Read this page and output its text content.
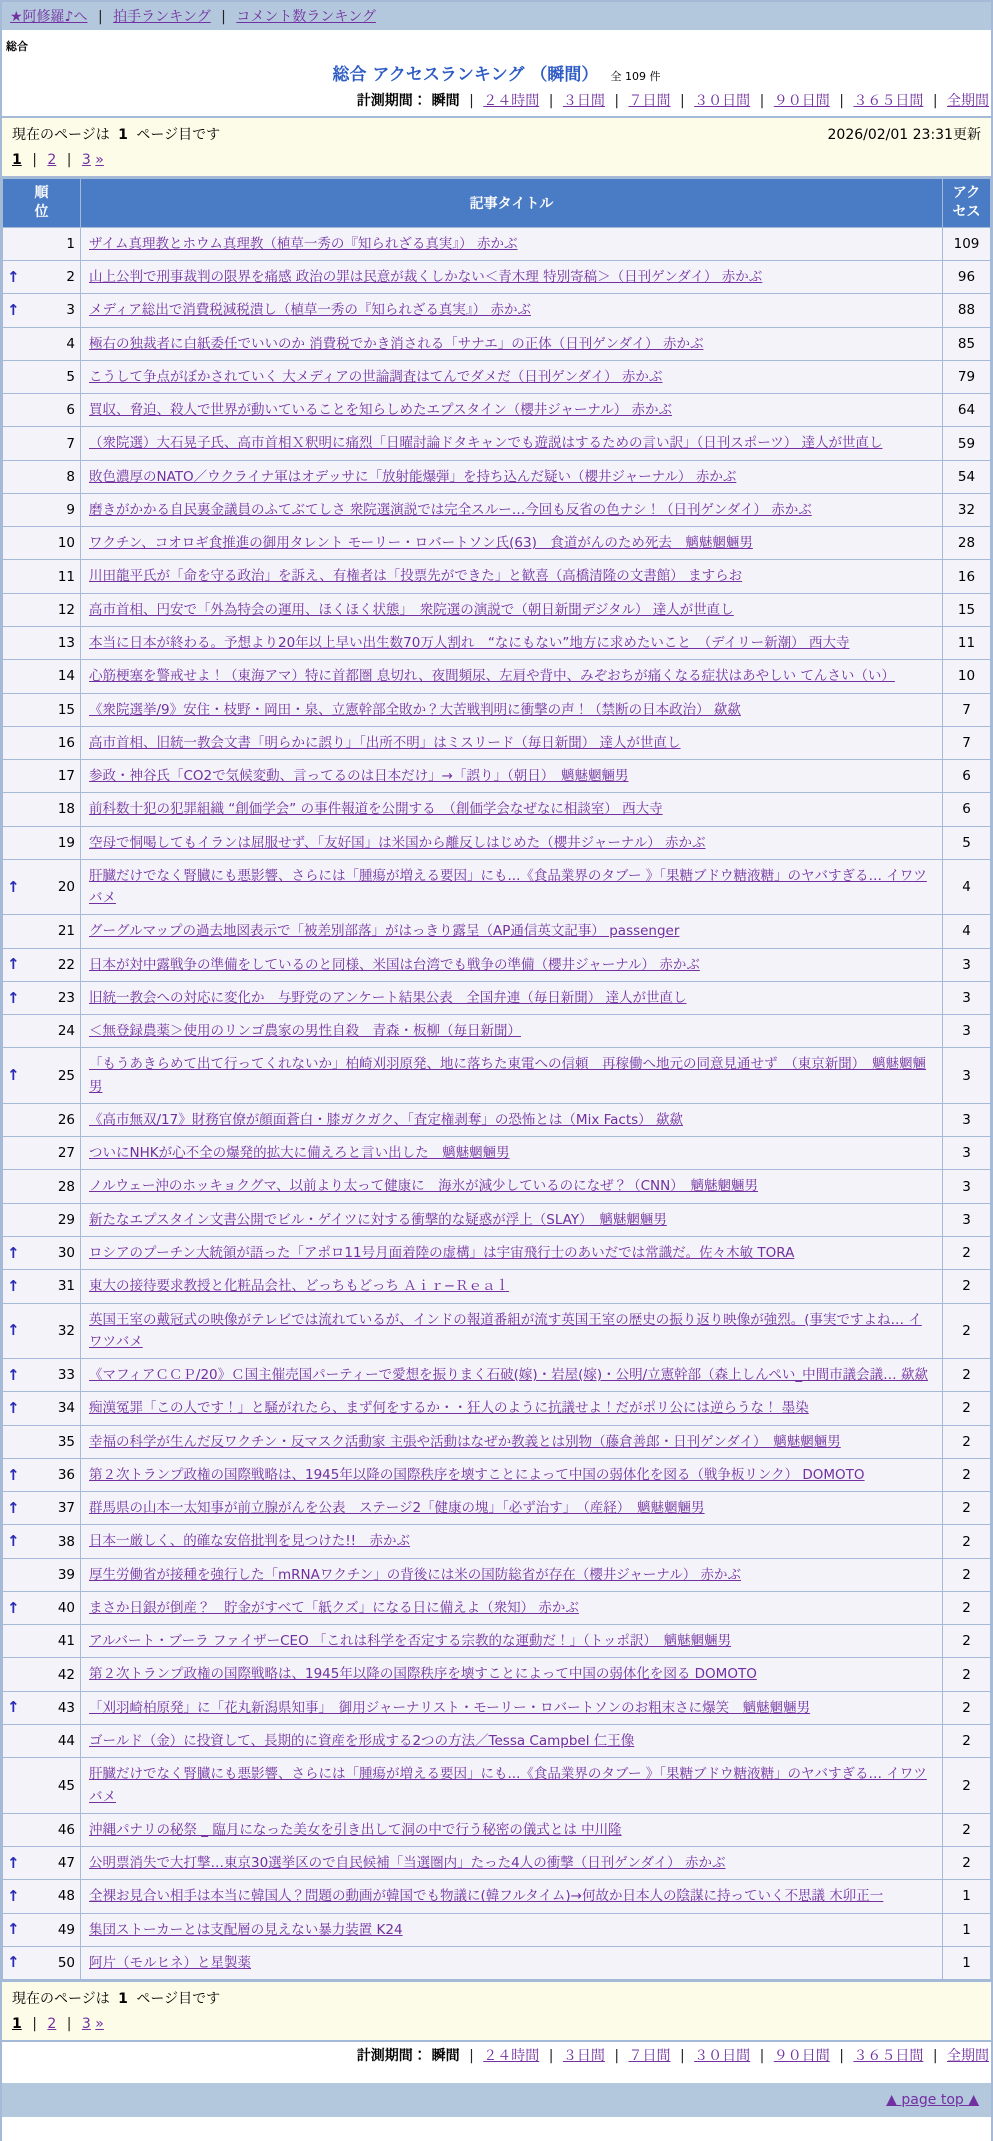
★阿修羅♪へ | 拍手ランキング | コメント数ランキング
総合
総合 アクセスランキング （瞬間） 全 109 件
計測期間： 瞬間 | ２４時間 | ３日間 | ７日間 | ３０日間 | ９０日間 | ３６５日間 | 全期間
現在のページは 1 ページ目です	2026/02/01 23:31更新
1 | 2 | 3 »
順位	記事タイトル	アクセス

1	ザイム真理教とホウム真理教（植草一秀の『知られざる真実』） 赤かぶ	109

↑ 2	山上公判で刑事裁判の限界を痛感 政治の罪は民意が裁くしかない＜青木理 特別寄稿＞（日刊ゲンダイ） 赤かぶ	96

↑ 3	メディア総出で消費税減税潰し（植草一秀の『知られざる真実』） 赤かぶ	88

4	極右の独裁者に白紙委任でいいのか 消費税でかき消される「サナエ」の正体（日刊ゲンダイ） 赤かぶ	85

5	こうして争点がぼかされていく 大メディアの世論調査はてんでダメだ（日刊ゲンダイ） 赤かぶ	79

6	買収、脅迫、殺人で世界が動いていることを知らしめたエプスタイン（櫻井ジャーナル） 赤かぶ	64

7	（衆院選）大石晃子氏、高市首相Ｘ釈明に痛烈「日曜討論ドタキャンでも遊説はするための言い訳」（日刊スポーツ） 達人が世直し	59

8	敗色濃厚のNATO／ウクライナ軍はオデッサに「放射能爆弾」を持ち込んだ疑い（櫻井ジャーナル） 赤かぶ	54

9	磨きがかかる自民裏金議員のふてぶてしさ 衆院選演説では完全スルー…今回も反省の色ナシ！（日刊ゲンダイ） 赤かぶ	32

10	ワクチン、コオロギ食推進の御用タレント モーリー・ロバートソン氏(63)　食道がんのため死去　魑魅魍魎男	28

11	川田龍平氏が「命を守る政治」を訴え、有権者は「投票先ができた」と歓喜（高橋清隆の文書館） ますらお	16

12	高市首相、円安で「外為特会の運用、ほくほく状態」　衆院選の演説で（朝日新聞デジタル） 達人が世直し	15

13	本当に日本が終わる。予想より20年以上早い出生数70万人割れ　“なにもない”地方に求めたいこと　（デイリー新潮） 西大寺	11

14	心筋梗塞を警戒せよ！（東海アマ）特に首都圏 息切れ、夜間頻尿、左肩や背中、みぞおちが痛くなる症状はあやしい てんさい（い）	10

15	《衆院選挙/9》安住・枝野・岡田・泉、立憲幹部全敗か？大苦戦判明に衝撃の声！（禁断の日本政治） 歘歘	7

16	高市首相、旧統一教会文書「明らかに誤り」「出所不明」はミスリード（毎日新聞） 達人が世直し	7

17	参政・神谷氏「CO2で気候変動、言ってるのは日本だけ」→「誤り」（朝日）　魑魅魍魎男	6

18	前科数十犯の犯罪組織 “創価学会” の事件報道を公開する　（創価学会なぜなに相談室） 西大寺	6

19	空母で恫喝してもイランは屈服せず、「友好国」は米国から離反しはじめた（櫻井ジャーナル） 赤かぶ	5

↑ 20	肝臓だけでなく腎臓にも悪影響、さらには「腫瘍が増える要因」にも...《食品業界のタブー 》「果糖ブドウ糖液糖」のヤバすぎる… イワツバメ	4

21	グーグルマップの過去地図表示で「被差別部落」がはっきり露呈（AP通信英文記事） passenger	4

↑ 22	日本が対中露戦争の準備をしているのと同様、米国は台湾でも戦争の準備（櫻井ジャーナル） 赤かぶ	3

↑ 23	旧統一教会への対応に変化か　与野党のアンケート結果公表　全国弁連（毎日新聞） 達人が世直し	3

24	＜無登録農薬＞使用のリンゴ農家の男性自殺　青森・板柳（毎日新聞）	3

↑ 25	「もうあきらめて出て行ってくれないか」柏崎刈羽原発、地に落ちた東電への信頼　再稼働へ地元の同意見通せず　（東京新聞）　魑魅魍魎男	3

26	《高市無双/17》財務官僚が顔面蒼白・膝ガクガク、「査定権剥奪」の恐怖とは（Mix Facts） 歘歘	3

27	ついにNHKが心不全の爆発的拡大に備えろと言い出した　魑魅魍魎男	3

28	ノルウェー沖のホッキョクグマ、以前より太って健康に　海氷が減少しているのになぜ？（CNN）　魑魅魍魎男	3

29	新たなエプスタイン文書公開でビル・ゲイツに対する衝撃的な疑惑が浮上（SLAY）　魑魅魍魎男	3

↑ 30	ロシアのプーチン大統領が語った「アポロ11号月面着陸の虚構」は宇宙飛行士のあいだでは常識だ。佐々木敏 TORA	2

↑ 31	東大の接待要求教授と化粧品会社、どっちもどっち Ａｉｒ−Ｒｅａｌ	2

↑ 32	英国王室の戴冠式の映像がテレビでは流れているが、インドの報道番組が流す英国王室の歴史の振り返り映像が強烈。(事実ですよね… イワツバメ	2

↑ 33	《マフィアＣＣＰ/20》Ｃ国主催売国パーティーで愛想を振りまく石破(嫁)・岩屋(嫁)・公明/立憲幹部（森上しんぺい_中間市議会議… 歘歘	2

↑ 34	痴漢冤罪「この人です！」と騒がれたら、まず何をするか・・狂人のように抗議せよ！だがポリ公には逆らうな！ 墨染	2

35	幸福の科学が生んだ反ワクチン・反マスク活動家 主張や活動はなぜか教義とは別物（藤倉善郎・日刊ゲンダイ）　魑魅魍魎男	2

↑ 36	第２次トランプ政権の国際戦略は、1945年以降の国際秩序を壊すことによって中国の弱体化を図る（戦争板リンク） DOMOTO	2

↑ 37	群馬県の山本一太知事が前立腺がんを公表　ステージ2「健康の塊」「必ず治す」　（産経）　魑魅魍魎男	2

↑ 38	日本一厳しく、的確な安倍批判を見つけた!!　赤かぶ	2

39	厚生労働省が接種を強行した「mRNAワクチン」の背後には米の国防総省が存在（櫻井ジャーナル） 赤かぶ	2

↑ 40	まさか日銀が倒産？　貯金がすべて「紙クズ」になる日に備えよ（衆知） 赤かぶ	2

41	アルバート・ブーラ ファイザーCEO 「これは科学を否定する宗教的な運動だ！」（トッポ訳）　魑魅魍魎男	2

42	第２次トランプ政権の国際戦略は、1945年以降の国際秩序を壊すことによって中国の弱体化を図る DOMOTO	2

↑ 43	「刈羽崎柏原発」に「花丸新潟県知事」　御用ジャーナリスト・モーリー・ロバートソンのお粗末さに爆笑　魑魅魍魎男	2

44	ゴールド（金）に投資して、長期的に資産を形成する2つの方法／Tessa Campbel 仁王像	2

45	肝臓だけでなく腎臓にも悪影響、さらには「腫瘍が増える要因」にも...《食品業界のタブー 》「果糖ブドウ糖液糖」のヤバすぎる… イワツバメ	2

46	沖縄パナリの秘祭 _ 臨月になった美女を引き出して洞の中で行う秘密の儀式とは 中川隆	2

↑ 47	公明票消失で大打撃…東京30選挙区ので自民候補「当選圏内」たった4人の衝撃（日刊ゲンダイ） 赤かぶ	2

↑ 48	全裸お見合い相手は本当に韓国人？問題の動画が韓国でも物議に(韓フルタイム)→何故か日本人の陰謀に持っていく不思議 木卯正一	1

↑ 49	集団ストーカーとは支配層の見えない暴力装置 K24	1

↑ 50	阿片（モルヒネ）と星製薬	1
現在のページは 1 ページ目です
1 | 2 | 3 »
計測期間： 瞬間 | ２４時間 | ３日間 | ７日間 | ３０日間 | ９０日間 | ３６５日間 | 全期間
▲ page top ▲
